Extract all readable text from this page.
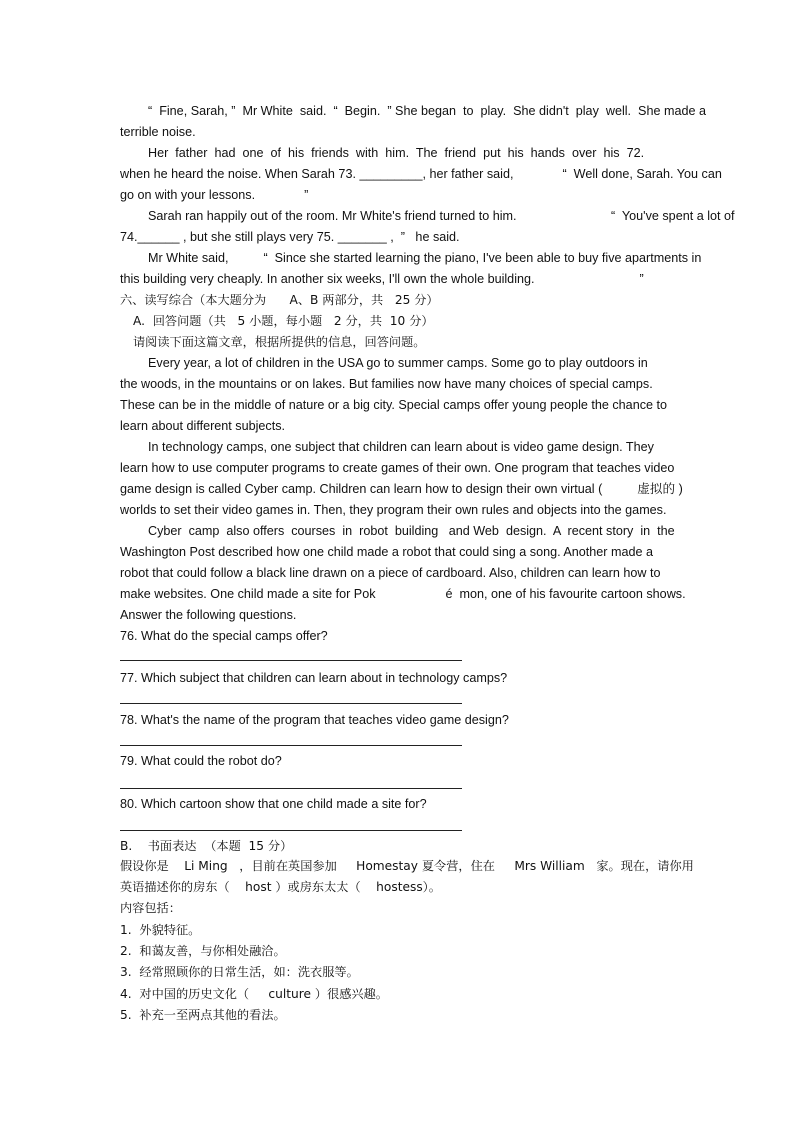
“  Fine, Sarah, ”  Mr White  said.  “  Begin.  ” She began  to  play.  She didn't  play  well.  She made a

terrible noise.

Her  father  had  one  of  his  friends  with  him.  The  friend  put  his  hands  over  his  72.

when he heard the noise. When Sarah 73. _________, her father said,              “  Well done, Sarah. You can

go on with your lessons.              ”

Sarah ran happily out of the room. Mr White's friend turned to him.                           “  You've spent a lot of

74.______ , but she still plays very 75. _______ ,  ”   he said.

Mr White said,          “  Since she started learning the piano, I've been able to buy five apartments in

this building very cheaply. In another six weeks, I'll own the whole building.                              ”

六、读写综合（本大题分为      A、B 两部分，共   25 分）

A.  回答问题（共   5 小题，每小题   2 分，共  10 分）

请阅读下面这篇文章，根据所提供的信息，回答问题。

Every year, a lot of children in the USA go to summer camps. Some go to play outdoors in

the woods, in the mountains or on lakes. But families now have many choices of special camps.

These can be in the middle of nature or a big city. Special camps offer young people the chance to

learn about different subjects.

In technology camps, one subject that children can learn about is video game design. They

learn how to use computer programs to create games of their own. One program that teaches video

game design is called Cyber camp. Children can learn how to design their own virtual (          虚拟的 )

worlds to set their video games in. Then, they program their own rules and objects into the games.

Cyber  camp  also offers  courses  in  robot  building   and Web  design.  A  recent story  in  the

Washington Post described how one child made a robot that could sing a song. Another made a

robot that could follow a black line drawn on a piece of cardboard. Also, children can learn how to

make websites. One child made a site for Pok                    é  mon, one of his favourite cartoon shows.

Answer the following questions.

76. What do the special camps offer?

77. Which subject that children can learn about in technology camps?

78. What's the name of the program that teaches video game design?

79. What could the robot do?

80. Which cartoon show that one child made a site for?

B.    书面表达  （本题  15 分）

假设你是    Li Ming   ，目前在英国参加     Homestay 夏令营，住在     Mrs William   家。现在，请你用

英语描述你的房东（    host ）或房东太太（    hostess）。

内容包括：

1.  外貌特征。

2.  和蔼友善，与你相处融洽。

3.  经常照顾你的日常生活，如：洗衣服等。

4.  对中国的历史文化（     culture ）很感兴趣。

5.  补充一至两点其他的看法。
